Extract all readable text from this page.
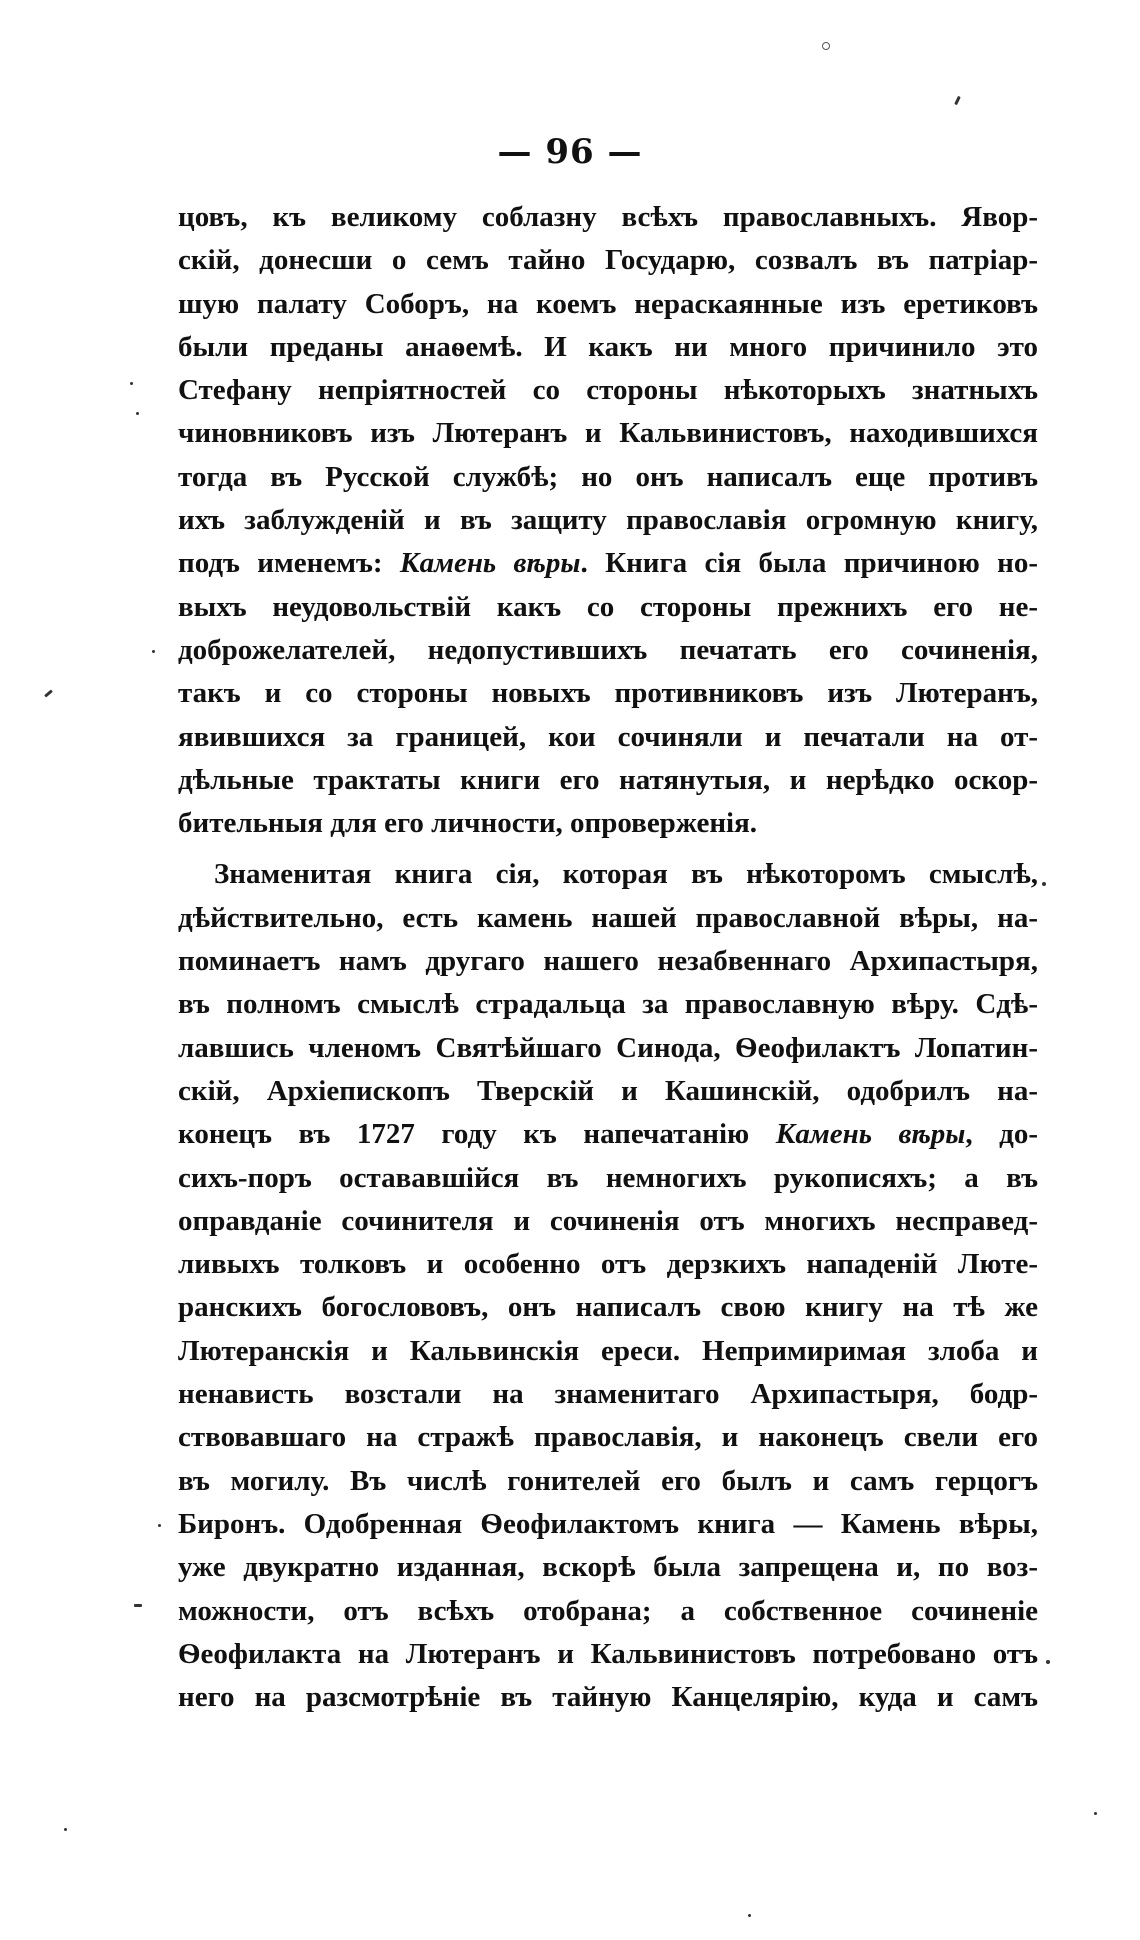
— 96 —
цовъ, къ великому соблазну всѣхъ православныхъ. Явор-
скій, донесши о семъ тайно Государю, созвалъ въ патріар-
шую палату Соборъ, на коемъ нераскаянные изъ еретиковъ
были преданы анаѳемѣ. И какъ ни много причинило это
Стефану непріятностей со стороны нѣкоторыхъ знатныхъ
чиновниковъ изъ Лютеранъ и Кальвинистовъ, находившихся
тогда въ Русской службѣ; но онъ написалъ еще противъ
ихъ заблужденій и въ защиту православія огромную книгу,
подъ именемъ: Камень вѣры. Книга сія была причиною но-
выхъ неудовольствій какъ со стороны прежнихъ его не-
доброжелателей, недопустившихъ печатать его сочиненія,
такъ и со стороны новыхъ противниковъ изъ Лютеранъ,
явившихся за границей, кои сочиняли и печатали на от-
дѣльные трактаты книги его натянутыя, и нерѣдко оскор-
бительныя для его личности, опроверженія.
Знаменитая книга сія, которая въ нѣкоторомъ смыслѣ,
дѣйствительно, есть камень нашей православной вѣры, на-
поминаетъ намъ другаго нашего незабвеннаго Архипастыря,
въ полномъ смыслѣ страдальца за православную вѣру. Сдѣ-
лавшись членомъ Святѣйшаго Синода, Ѳеофилактъ Лопатин-
скій, Архіепископъ Тверскій и Кашинскій, одобрилъ на-
конецъ въ 1727 году къ напечатанію Камень вѣры, до-
сихъ-поръ остававшійся въ немногихъ рукописяхъ; а въ
оправданіе сочинителя и сочиненія отъ многихъ несправед-
ливыхъ толковъ и особенно отъ дерзкихъ нападеній Люте-
ранскихъ богослововъ, онъ написалъ свою книгу на тѣ же
Лютеранскія и Кальвинскія ереси. Непримиримая злоба и
ненависть возстали на знаменитаго Архипастыря, бодр-
ствовавшаго на стражѣ православія, и наконецъ свели его
въ могилу. Въ числѣ гонителей его былъ и самъ герцогъ
Биронъ. Одобренная Ѳеофилактомъ книга — Камень вѣры,
уже двукратно изданная, вскорѣ была запрещена и, по воз-
можности, отъ всѣхъ отобрана; а собственное сочиненіе
Ѳеофилакта на Лютеранъ и Кальвинистовъ потребовано отъ
него на разсмотрѣніе въ тайную Канцелярію, куда и самъ
